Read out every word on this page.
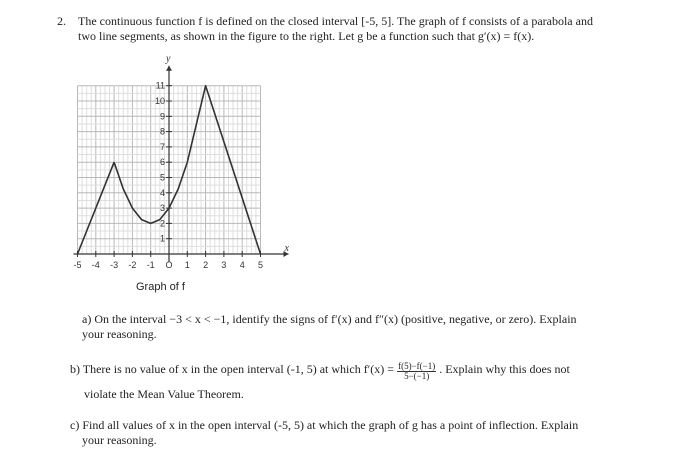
2. The continuous function f is defined on the closed interval [-5, 5]. The graph of f consists of a parabola and
two line segments, as shown in the figure to the right. Let g be a function such that g′(x) = f(x).
x
y
-5 -4 -3 -2 -1 O 1 2 3 4 5
1
2
3
4
5
6
7
8
9
10
11
Graph of f
a) On the interval −3 < x < −1, identify the signs of f′(x) and f″(x) (positive, negative, or zero). Explain
your reasoning.
b) There is no value of x in the open interval (-1, 5) at which $f'(x) = \frac{f(5)-f(-1)}{5-(-1)}$ . Explain why this does not
violate the Mean Value Theorem.
c) Find all values of x in the open interval (-5, 5) at which the graph of g has a point of inflection. Explain
your reasoning.
